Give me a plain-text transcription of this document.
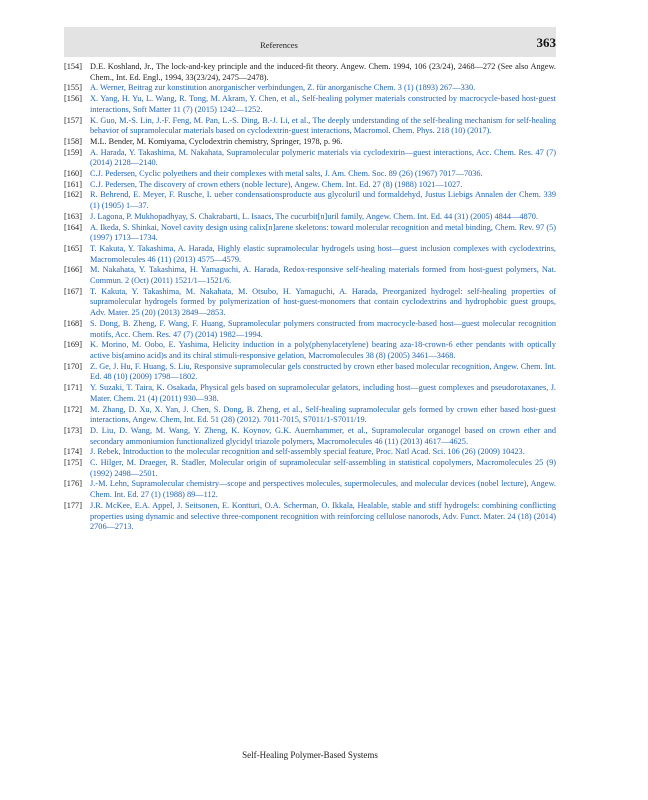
References	363
[154] D.E. Koshland, Jr., The lock-and-key principle and the induced-fit theory. Angew. Chem. 1994, 106 (23/24), 2468—272 (See also Angew. Chem., Int. Ed. Engl., 1994, 33(23/24), 2475—2478).
[155] A. Werner, Beitrag zur konstitution anorganischer verbindungen, Z. für anorganische Chem. 3 (1) (1893) 267—330.
[156] X. Yang, H. Yu, L. Wang, R. Tong, M. Akram, Y. Chen, et al., Self-healing polymer materials constructed by macrocycle-based host-guest interactions, Soft Matter 11 (7) (2015) 1242—1252.
[157] K. Guo, M.-S. Lin, J.-F. Feng, M. Pan, L.-S. Ding, B.-J. Li, et al., The deeply understanding of the self-healing mechanism for self-healing behavior of supramolecular materials based on cyclodextrin-guest interactions, Macromol. Chem. Phys. 218 (10) (2017).
[158] M.L. Bender, M. Komiyama, Cyclodextrin chemistry, Springer, 1978, p. 96.
[159] A. Harada, Y. Takashima, M. Nakahata, Supramolecular polymeric materials via cyclodextrin—guest interactions, Acc. Chem. Res. 47 (7) (2014) 2128—2140.
[160] C.J. Pedersen, Cyclic polyethers and their complexes with metal salts, J. Am. Chem. Soc. 89 (26) (1967) 7017—7036.
[161] C.J. Pedersen, The discovery of crown ethers (noble lecture), Angew. Chem. Int. Ed. 27 (8) (1988) 1021—1027.
[162] R. Behrend, E. Meyer, F. Rusche, I. ueber condensationsproducte aus glycoluril und formaldehyd, Justus Liebigs Annalen der Chem. 339 (1) (1905) 1—37.
[163] J. Lagona, P. Mukhopadhyay, S. Chakrabarti, L. Isaacs, The cucurbit[n]uril family, Angew. Chem. Int. Ed. 44 (31) (2005) 4844—4870.
[164] A. Ikeda, S. Shinkai, Novel cavity design using calix[n]arene skeletons: toward molecular recognition and metal binding, Chem. Rev. 97 (5) (1997) 1713—1734.
[165] T. Kakuta, Y. Takashima, A. Harada, Highly elastic supramolecular hydrogels using host—guest inclusion complexes with cyclodextrins, Macromolecules 46 (11) (2013) 4575—4579.
[166] M. Nakahata, Y. Takashima, H. Yamaguchi, A. Harada, Redox-responsive self-healing materials formed from host-guest polymers, Nat. Commun. 2 (Oct) (2011) 1521/1—1521/6.
[167] T. Kakuta, Y. Takashima, M. Nakahata, M. Otsubo, H. Yamaguchi, A. Harada, Preorganized hydrogel: self-healing properties of supramolecular hydrogels formed by polymerization of host-guest-monomers that contain cyclodextrins and hydrophobic guest groups, Adv. Mater. 25 (20) (2013) 2849—2853.
[168] S. Dong, B. Zheng, F. Wang, F. Huang, Supramolecular polymers constructed from macrocycle-based host—guest molecular recognition motifs, Acc. Chem. Res. 47 (7) (2014) 1982—1994.
[169] K. Morino, M. Oobo, E. Yashima, Helicity induction in a poly(phenylacetylene) bearing aza-18-crown-6 ether pendants with optically active bis(amino acid)s and its chiral stimuli-responsive gelation, Macromolecules 38 (8) (2005) 3461—3468.
[170] Z. Ge, J. Hu, F. Huang, S. Liu, Responsive supramolecular gels constructed by crown ether based molecular recognition, Angew. Chem. Int. Ed. 48 (10) (2009) 1798—1802.
[171] Y. Suzaki, T. Taira, K. Osakada, Physical gels based on supramolecular gelators, including host—guest complexes and pseudorotaxanes, J. Mater. Chem. 21 (4) (2011) 930—938.
[172] M. Zhang, D. Xu, X. Yan, J. Chen, S. Dong, B. Zheng, et al., Self-healing supramolecular gels formed by crown ether based host-guest interactions, Angew. Chem, Int. Ed. 51 (28) (2012). 7011-7015, S7011/1-S7011/19.
[173] D. Liu, D. Wang, M. Wang, Y. Zheng, K. Koynov, G.K. Auernhammer, et al., Supramolecular organogel based on crown ether and secondary ammoniumion functionalized glycidyl triazole polymers, Macromolecules 46 (11) (2013) 4617—4625.
[174] J. Rebek, Introduction to the molecular recognition and self-assembly special feature, Proc. Natl Acad. Sci. 106 (26) (2009) 10423.
[175] C. Hilger, M. Draeger, R. Stadler, Molecular origin of supramolecular self-assembling in statistical copolymers, Macromolecules 25 (9) (1992) 2498—2501.
[176] J.-M. Lehn, Supramolecular chemistry—scope and perspectives molecules, supermolecules, and molecular devices (nobel lecture), Angew. Chem. Int. Ed. 27 (1) (1988) 89—112.
[177] J.R. McKee, E.A. Appel, J. Seitsonen, E. Kontturi, O.A. Scherman, O. Ikkala, Healable, stable and stiff hydrogels: combining conflicting properties using dynamic and selective three-component recognition with reinforcing cellulose nanorods, Adv. Funct. Mater. 24 (18) (2014) 2706—2713.
Self-Healing Polymer-Based Systems
